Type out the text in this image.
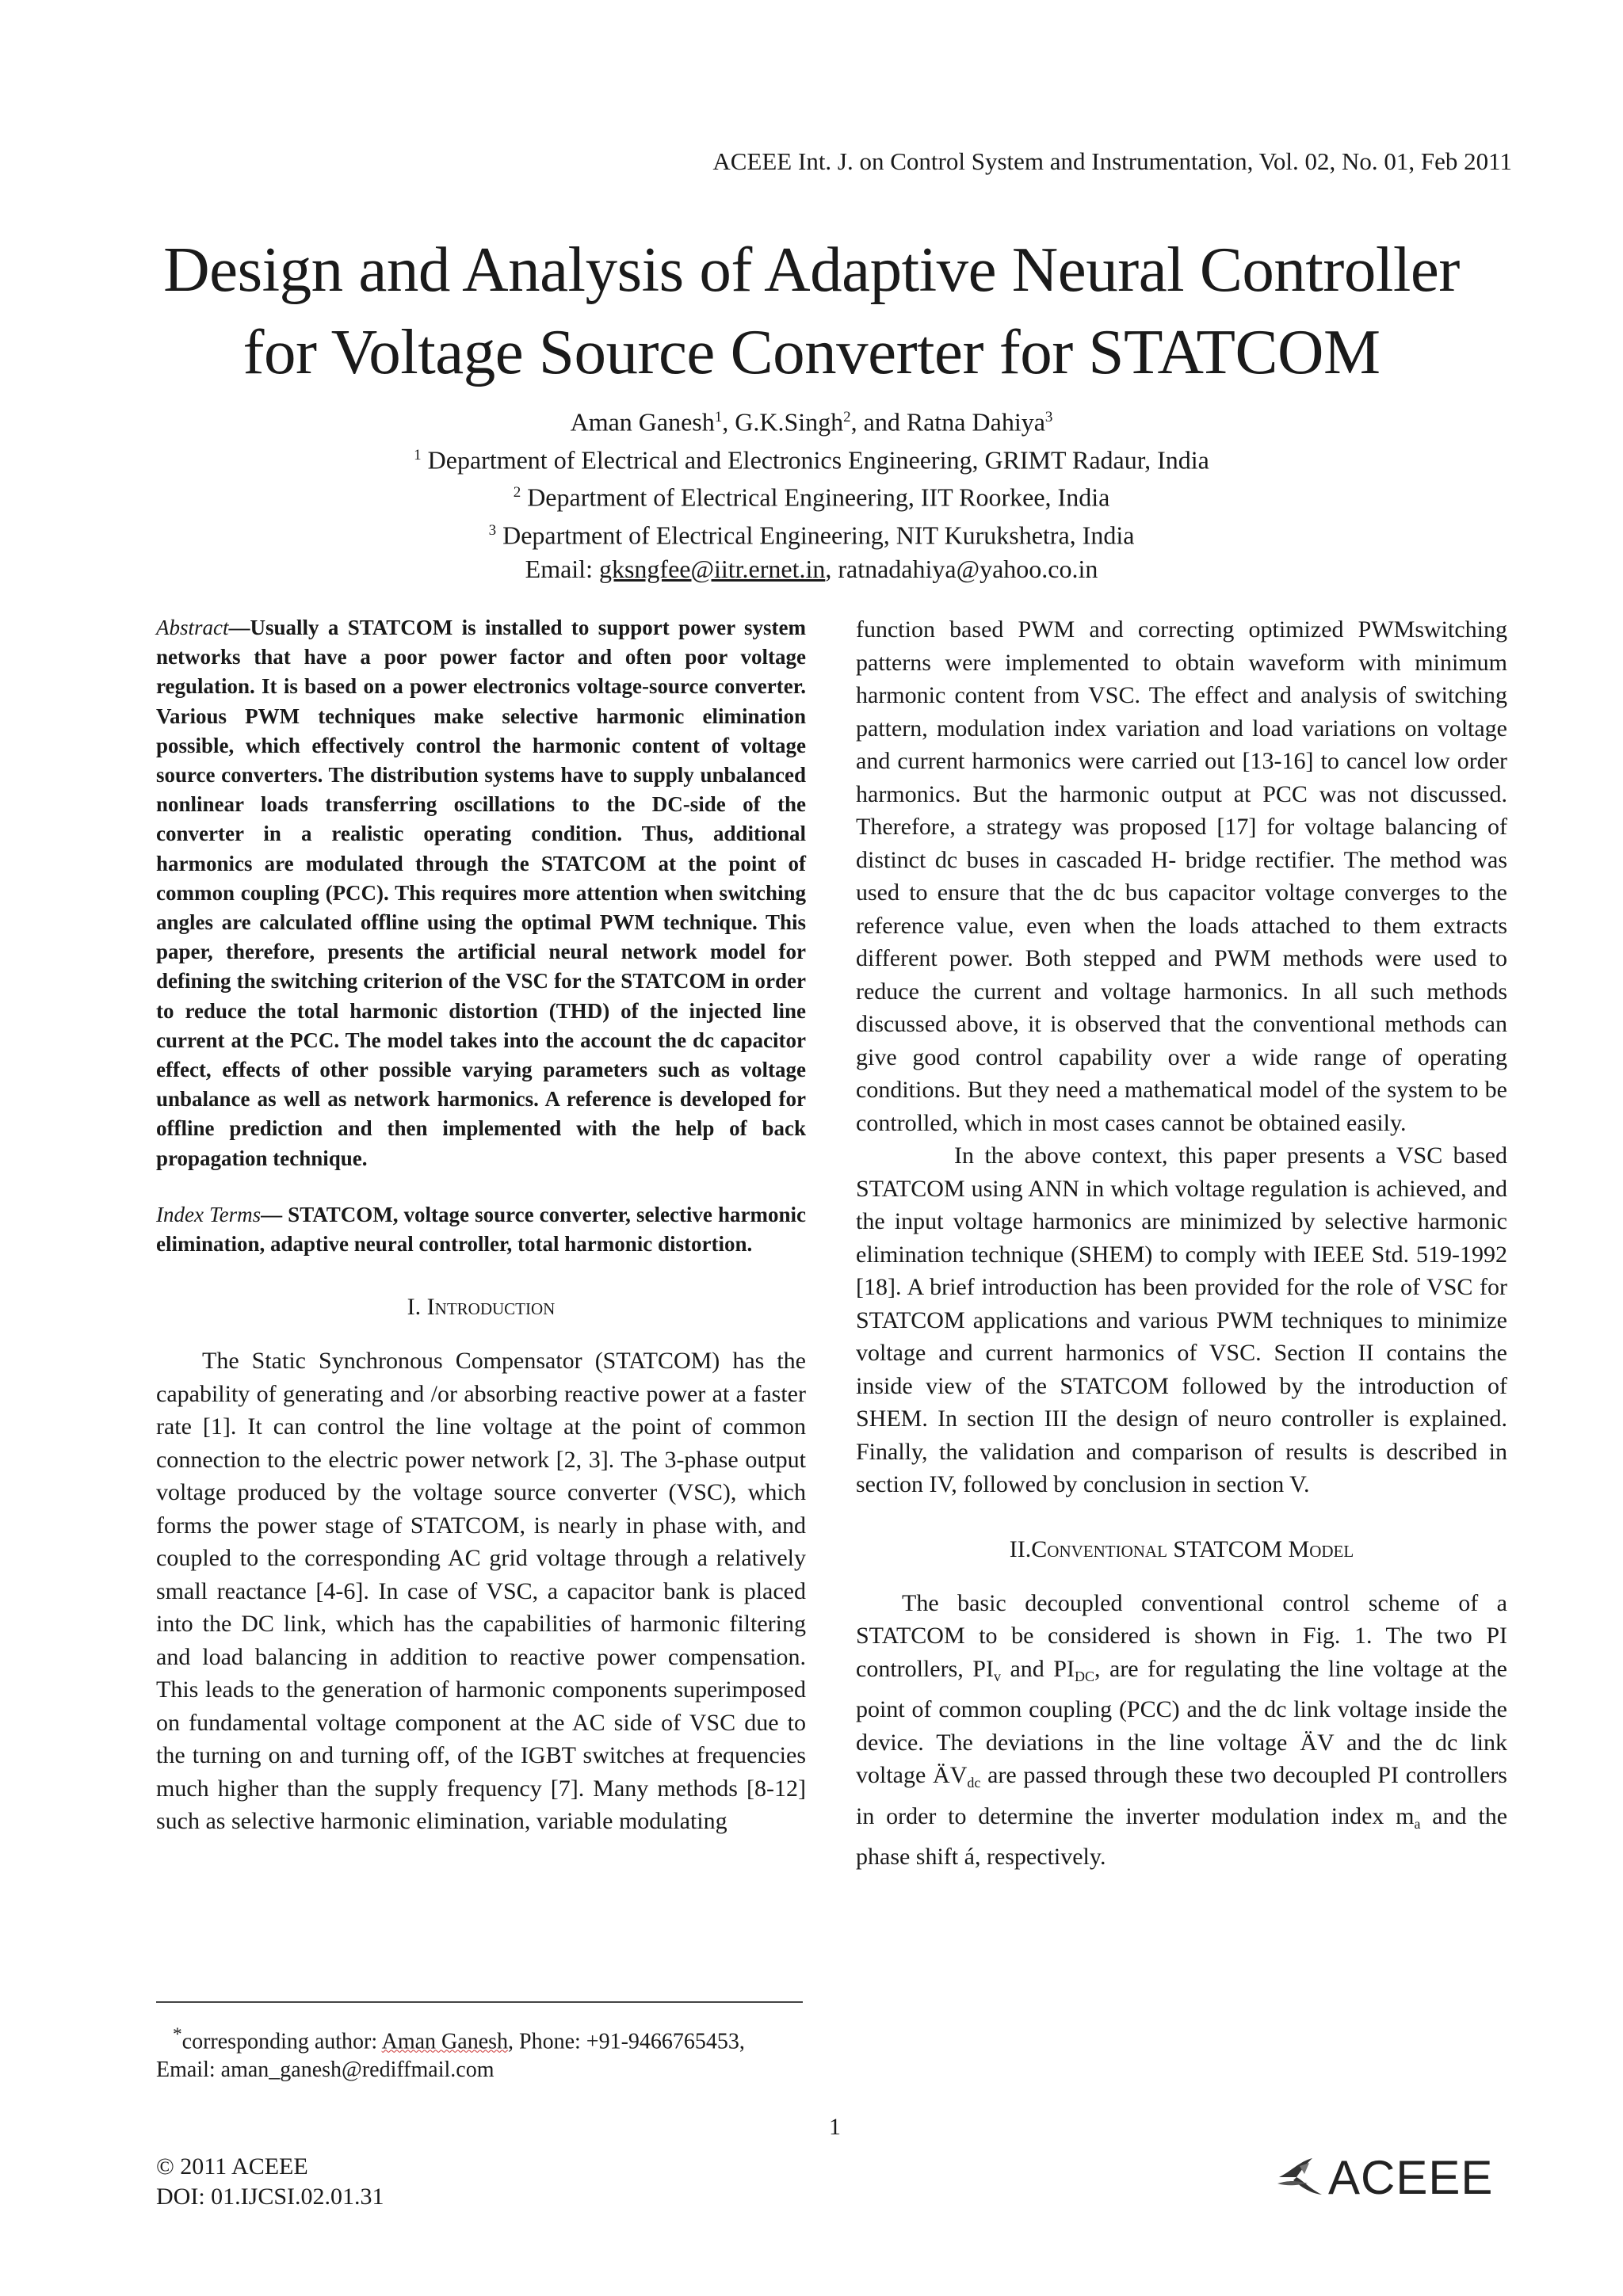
ACEEE Int. J. on Control System and Instrumentation, Vol. 02, No. 01, Feb 2011
Design and Analysis of Adaptive Neural Controller
for Voltage Source Converter for STATCOM
Aman Ganesh$^1$, G.K.Singh$^2$, and Ratna Dahiya$^3$
$^1$ Department of Electrical and Electronics Engineering, GRIMT Radaur, India
$^2$ Department of Electrical Engineering, IIT Roorkee, India
$^3$ Department of Electrical Engineering, NIT Kurukshetra, India
Email: gksngfee@iitr.ernet.in, ratnadahiya@yahoo.co.in
Abstract—Usually a STATCOM is installed to support power system networks that have a poor power factor and often poor voltage regulation. It is based on a power electronics voltage-source converter. Various PWM techniques make selective harmonic elimination possible, which effectively control the harmonic content of voltage source converters. The distribution systems have to supply unbalanced nonlinear loads transferring oscillations to the DC-side of the converter in a realistic operating condition. Thus, additional harmonics are modulated through the STATCOM at the point of common coupling (PCC). This requires more attention when switching angles are calculated offline using the optimal PWM technique. This paper, therefore, presents the artificial neural network model for defining the switching criterion of the VSC for the STATCOM in order to reduce the total harmonic distortion (THD) of the injected line current at the PCC. The model takes into the account the dc capacitor effect, effects of other possible varying parameters such as voltage unbalance as well as network harmonics. A reference is developed for offline prediction and then implemented with the help of back propagation technique.
Index Terms— STATCOM, voltage source converter, selective harmonic elimination, adaptive neural controller, total harmonic distortion.
I. Introduction

The Static Synchronous Compensator (STATCOM) has the capability of generating and /or absorbing reactive power at a faster rate [1]. It can control the line voltage at the point of common connection to the electric power network [2, 3]. The 3-phase output voltage produced by the voltage source converter (VSC), which forms the power stage of STATCOM, is nearly in phase with, and coupled to the corresponding AC grid voltage through a relatively small reactance [4-6]. In case of VSC, a capacitor bank is placed into the DC link, which has the capabilities of harmonic filtering and load balancing in addition to reactive power compensation. This leads to the generation of harmonic components superimposed on fundamental voltage component at the AC side of VSC due to the turning on and turning off, of the IGBT switches at frequencies much higher than the supply frequency [7]. Many methods [8-12] such as selective harmonic elimination, variable modulating

function based PWM and correcting optimized PWMswitching patterns were implemented to obtain waveform with minimum harmonic content from VSC. The effect and analysis of switching pattern, modulation index variation and load variations on voltage and current harmonics were carried out [13-16] to cancel low order harmonics. But the harmonic output at PCC was not discussed. Therefore, a strategy was proposed [17] for voltage balancing of distinct dc buses in cascaded H- bridge rectifier. The method was used to ensure that the dc bus capacitor voltage converges to the reference value, even when the loads attached to them extracts different power. Both stepped and PWM methods were used to reduce the current and voltage harmonics. In all such methods discussed above, it is observed that the conventional methods can give good control capability over a wide range of operating conditions. But they need a mathematical model of the system to be controlled, which in most cases cannot be obtained easily.

In the above context, this paper presents a VSC based STATCOM using ANN in which voltage regulation is achieved, and the input voltage harmonics are minimized by selective harmonic elimination technique (SHEM) to comply with IEEE Std. 519-1992 [18]. A brief introduction has been provided for the role of VSC for STATCOM applications and various PWM techniques to minimize voltage and current harmonics of VSC. Section II contains the inside view of the STATCOM followed by the introduction of SHEM. In section III the design of neuro controller is explained. Finally, the validation and comparison of results is described in section IV, followed by conclusion in section V.

II.Conventional STATCOM Model

The basic decoupled conventional control scheme of a STATCOM to be considered is shown in Fig. 1. The two PI controllers, $PI_v$ and $PI_{DC}$, are for regulating the line voltage at the point of common coupling (PCC) and the dc link voltage inside the device. The deviations in the line voltage ÄV and the dc link voltage $ÄV_{dc}$ are passed through these two decoupled PI controllers in order to determine the inverter modulation index $m_a$ and the phase shift á, respectively.

*corresponding author: Aman Ganesh, Phone: +91-9466765453,
Email: aman_ganesh@rediffmail.com
1
© 2011 ACEEE
DOI: 01.IJCSI.02.01.31	ACEEE
